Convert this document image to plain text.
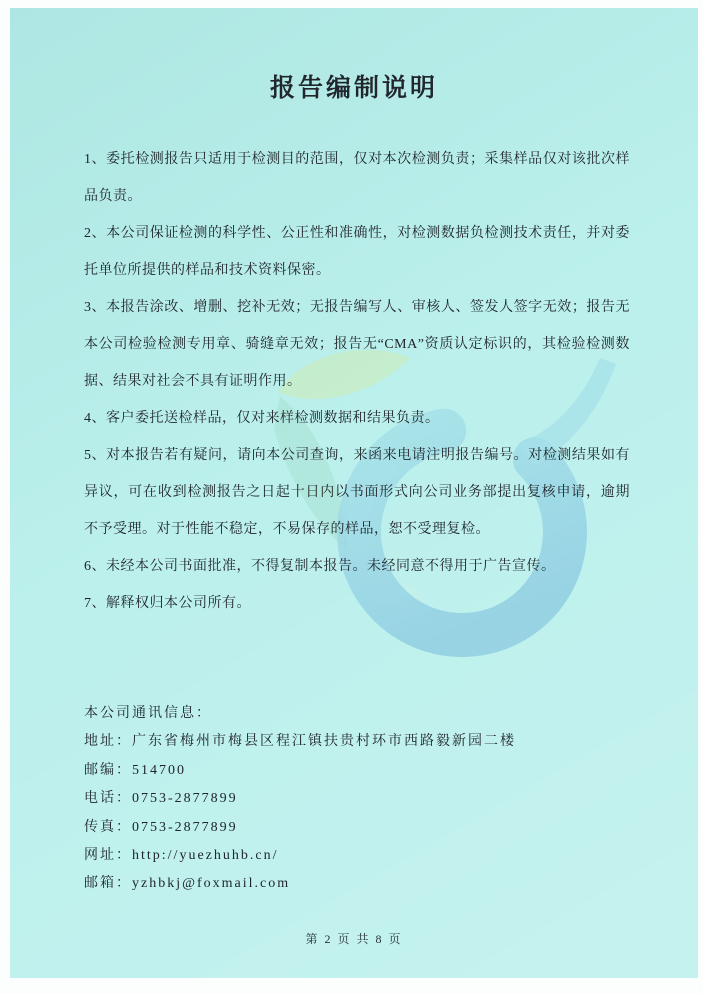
报告编制说明

1、委托检测报告只适用于检测目的范围，仅对本次检测负责；采集样品仅对该批次样品负责。

2、本公司保证检测的科学性、公正性和准确性，对检测数据负检测技术责任，并对委托单位所提供的样品和技术资料保密。

3、本报告涂改、增删、挖补无效；无报告编写人、审核人、签发人签字无效；报告无本公司检验检测专用章、骑缝章无效；报告无“CMA”资质认定标识的，其检验检测数据、结果对社会不具有证明作用。

4、客户委托送检样品，仅对来样检测数据和结果负责。

5、对本报告若有疑问，请向本公司查询，来函来电请注明报告编号。对检测结果如有异议，可在收到检测报告之日起十日内以书面形式向公司业务部提出复核申请，逾期不予受理。对于性能不稳定，不易保存的样品，恕不受理复检。

6、未经本公司书面批准，不得复制本报告。未经同意不得用于广告宣传。

7、解释权归本公司所有。

本公司通讯信息：

地址：广东省梅州市梅县区程江镇扶贵村环市西路毅新园二楼

邮编：514700

电话：0753-2877899

传真：0753-2877899

网址：http://yuezhuhb.cn/

邮箱：yzhbkj@foxmail.com

第 2 页 共 8 页
